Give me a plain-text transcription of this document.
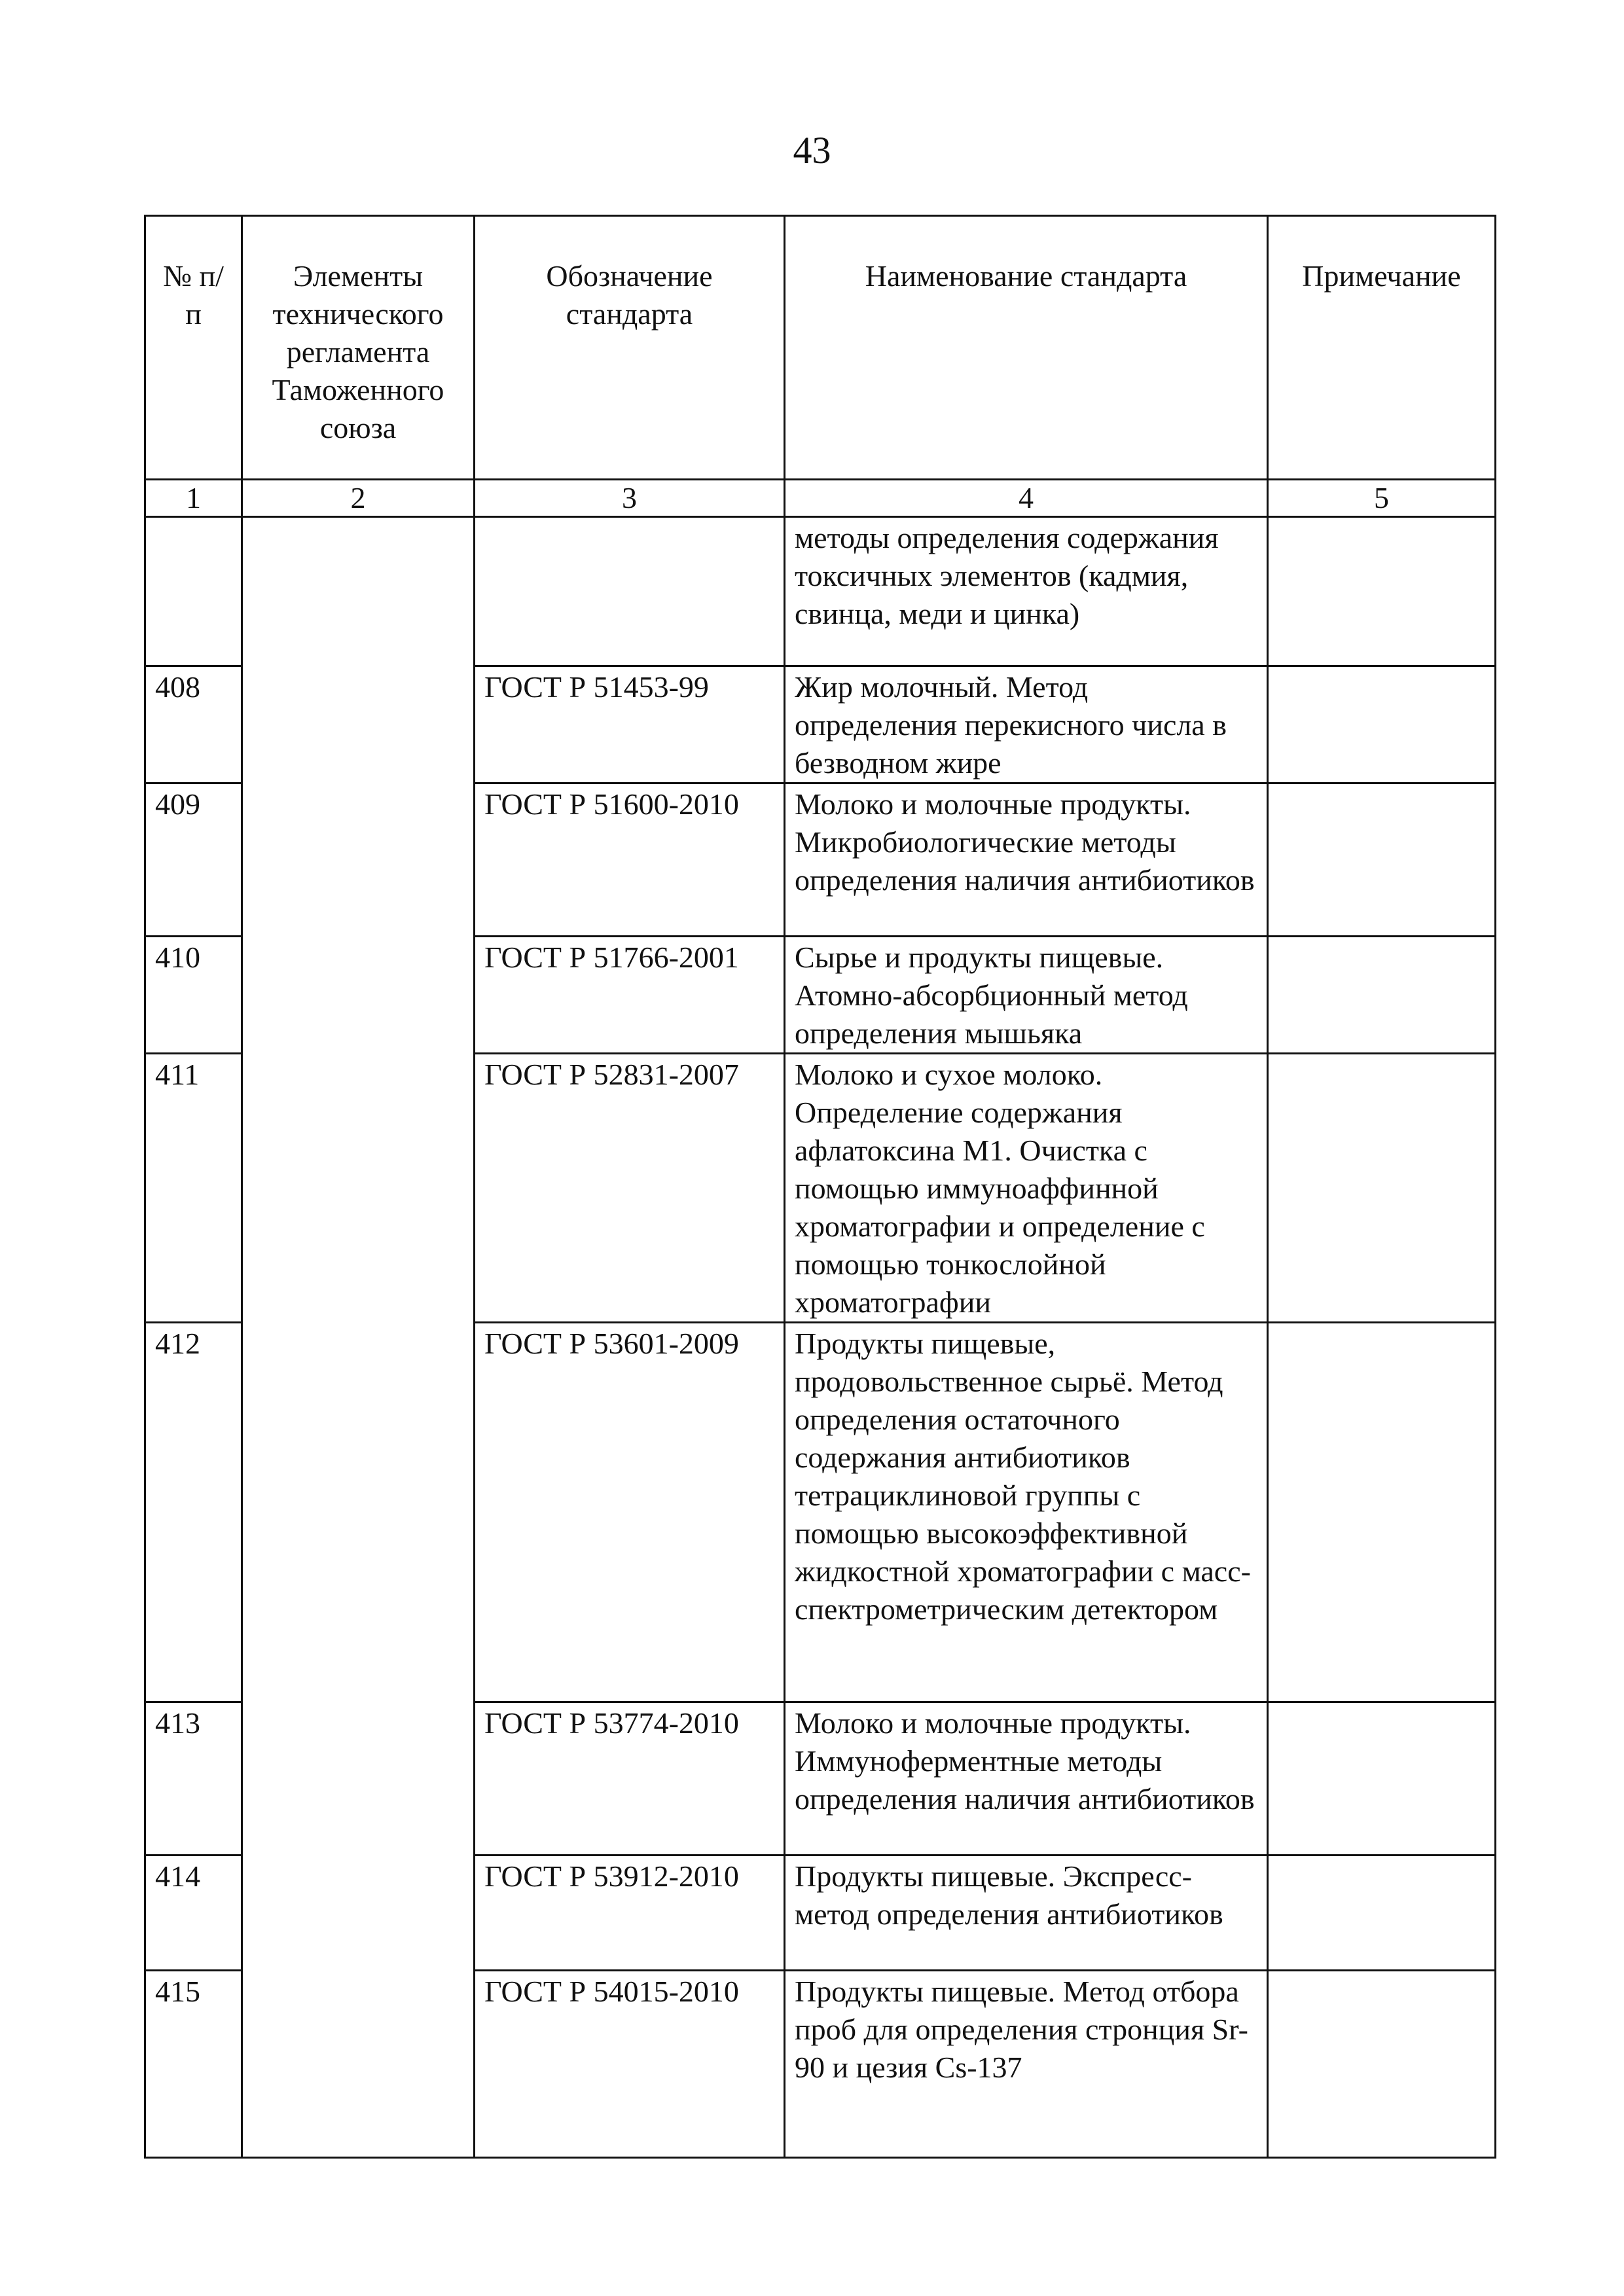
43
№ п/п	Элементы технического регламента Таможенного союза	Обозначение стандарта	Наименование стандарта	Примечание
1	2	3	4	5
			методы определения содержания токсичных элементов (кадмия, свинца, меди и цинка)	
408		ГОСТ Р 51453-99	Жир молочный. Метод определения перекисного числа в безводном жире	
409		ГОСТ Р 51600-2010	Молоко и молочные продукты. Микробиологические методы определения наличия антибиотиков	
410		ГОСТ Р 51766-2001	Сырье и продукты пищевые. Атомно-абсорбционный метод определения мышьяка	
411		ГОСТ Р 52831-2007	Молоко и сухое молоко. Определение содержания афлатоксина М1. Очистка с помощью иммуноаффинной хроматографии и определение с помощью тонкослойной хроматографии	
412		ГОСТ Р 53601-2009	Продукты пищевые, продовольственное сырьё. Метод определения остаточного содержания антибиотиков тетрациклиновой группы с помощью высокоэффективной жидкостной хроматографии с масс-спектрометрическим детектором	
413		ГОСТ Р 53774-2010	Молоко и молочные продукты. Иммуноферментные методы определения наличия антибиотиков	
414		ГОСТ Р 53912-2010	Продукты пищевые. Экспресс-метод определения антибиотиков	
415		ГОСТ Р 54015-2010	Продукты пищевые. Метод отбора проб для определения стронция Sr-90 и цезия Cs-137	
